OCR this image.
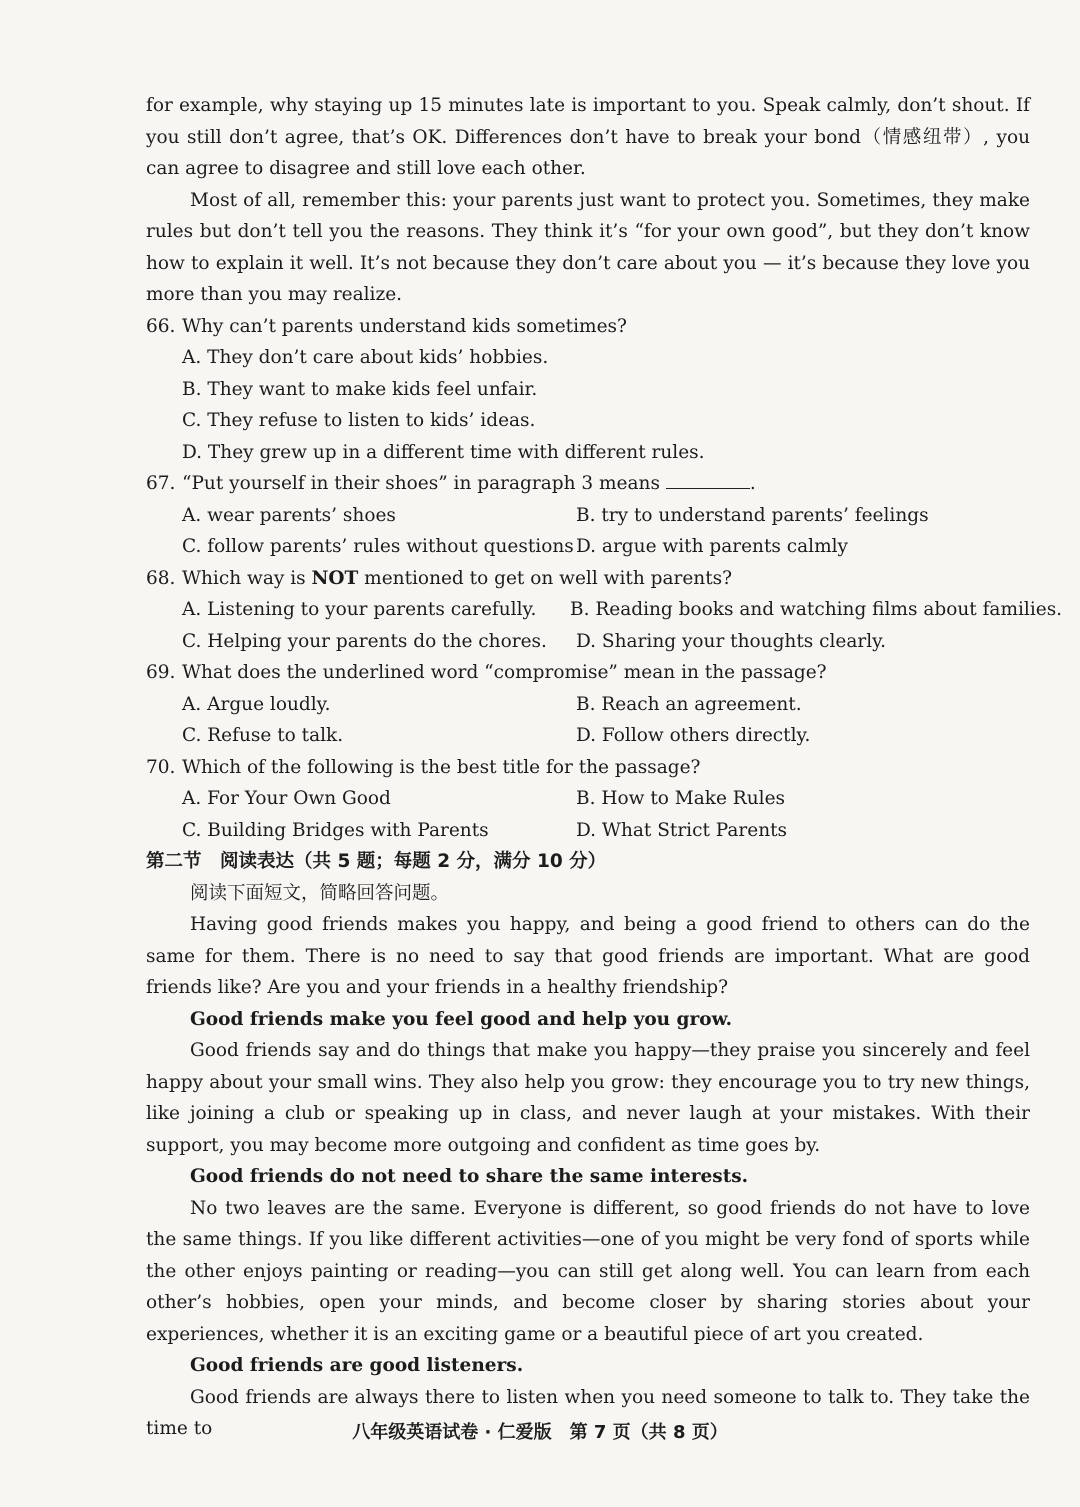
for example, why staying up 15 minutes late is important to you. Speak calmly, don’t shout. If you still don’t agree, that’s OK. Differences don’t have to break your bond（情感纽带）, you can agree to disagree and still love each other.

Most of all, remember this: your parents just want to protect you. Sometimes, they make rules but don’t tell you the reasons. They think it’s “for your own good”, but they don’t know how to explain it well. It’s not because they don’t care about you — it’s because they love you more than you may realize.

66. Why can’t parents understand kids sometimes?

A. They don’t care about kids’ hobbies.

B. They want to make kids feel unfair.

C. They refuse to listen to kids’ ideas.

D. They grew up in a different time with different rules.

67. “Put yourself in their shoes” in paragraph 3 means	.

A. wear parents’ shoes	B. try to understand parents’ feelings
C. follow parents’ rules without questions D. argue with parents calmly

68. Which way is NOT mentioned to get on well with parents?

A. Listening to your parents carefully.	B. Reading books and watching films about families.
C. Helping your parents do the chores.	D. Sharing your thoughts clearly.

69. What does the underlined word “compromise” mean in the passage?

A. Argue loudly.	B. Reach an agreement.
C. Refuse to talk.	D. Follow others directly.

70. Which of the following is the best title for the passage?

A. For Your Own Good	B. How to Make Rules
C. Building Bridges with Parents	D. What Strict Parents

第二节　阅读表达（共 5 题；每题 2 分，满分 10 分）

阅读下面短文，简略回答问题。

Having good friends makes you happy, and being a good friend to others can do the same for them. There is no need to say that good friends are important. What are good friends like? Are you and your friends in a healthy friendship?

Good friends make you feel good and help you grow.

Good friends say and do things that make you happy—they praise you sincerely and feel happy about your small wins. They also help you grow: they encourage you to try new things, like joining a club or speaking up in class, and never laugh at your mistakes. With their support, you may become more outgoing and confident as time goes by.

Good friends do not need to share the same interests.

No two leaves are the same. Everyone is different, so good friends do not have to love the same things. If you like different activities—one of you might be very fond of sports while the other enjoys painting or reading—you can still get along well. You can learn from each other’s hobbies, open your minds, and become closer by sharing stories about your experiences, whether it is an exciting game or a beautiful piece of art you created.

Good friends are good listeners.

Good friends are always there to listen when you need someone to talk to. They take the time to	八年级英语试卷 · 仁爱版　第 7 页（共 8 页）
